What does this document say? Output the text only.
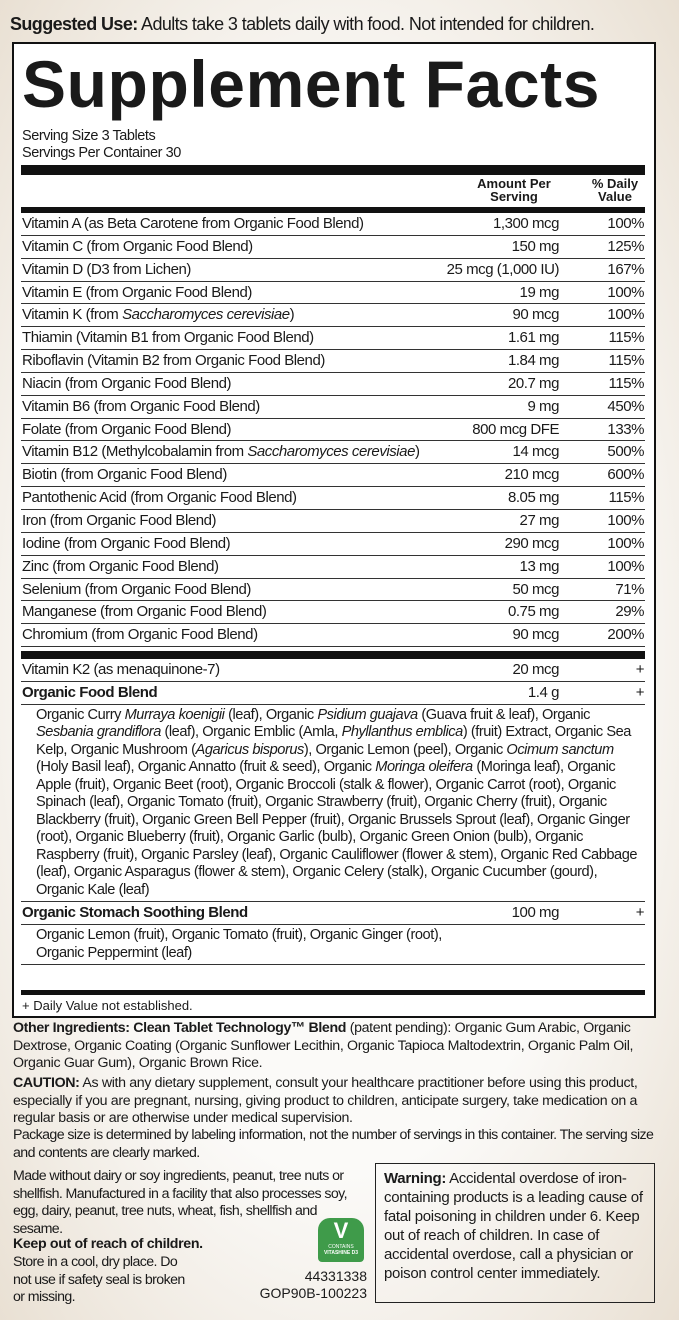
Suggested Use: Adults take 3 tablets daily with food. Not intended for children.
Supplement Facts
Serving Size 3 Tablets
Servings Per Container 30
Amount Per Serving
% Daily Value
Vitamin A (as Beta Carotene from Organic Food Blend)	1,300 mcg	100%
Vitamin C (from Organic Food Blend)	150 mg	125%
Vitamin D (D3 from Lichen)	25 mcg (1,000 IU)	167%
Vitamin E (from Organic Food Blend)	19 mg	100%
Vitamin K (from Saccharomyces cerevisiae)	90 mcg	100%
Thiamin (Vitamin B1 from Organic Food Blend)	1.61 mg	115%
Riboflavin (Vitamin B2 from Organic Food Blend)	1.84 mg	115%
Niacin (from Organic Food Blend)	20.7 mg	115%
Vitamin B6 (from Organic Food Blend)	9 mg	450%
Folate (from Organic Food Blend)	800 mcg DFE	133%
Vitamin B12 (Methylcobalamin from Saccharomyces cerevisiae)	14 mcg	500%
Biotin (from Organic Food Blend)	210 mcg	600%
Pantothenic Acid (from Organic Food Blend)	8.05 mg	115%
Iron (from Organic Food Blend)	27 mg	100%
Iodine (from Organic Food Blend)	290 mcg	100%
Zinc (from Organic Food Blend)	13 mg	100%
Selenium (from Organic Food Blend)	50 mcg	71%
Manganese (from Organic Food Blend)	0.75 mg	29%
Chromium (from Organic Food Blend)	90 mcg	200%
Vitamin K2 (as menaquinone-7)	20 mcg	+
Organic Food Blend	1.4 g	+
Organic Curry Murraya koenigii (leaf), Organic Psidium guajava (Guava fruit & leaf), Organic Sesbania grandiflora (leaf), Organic Emblic (Amla, Phyllanthus emblica) (fruit) Extract, Organic Sea Kelp, Organic Mushroom (Agaricus bisporus), Organic Lemon (peel), Organic Ocimum sanctum (Holy Basil leaf), Organic Annatto (fruit & seed), Organic Moringa oleifera (Moringa leaf), Organic Apple (fruit), Organic Beet (root), Organic Broccoli (stalk & flower), Organic Carrot (root), Organic Spinach (leaf), Organic Tomato (fruit), Organic Strawberry (fruit), Organic Cherry (fruit), Organic Blackberry (fruit), Organic Green Bell Pepper (fruit), Organic Brussels Sprout (leaf), Organic Ginger (root), Organic Blueberry (fruit), Organic Garlic (bulb), Organic Green Onion (bulb), Organic Raspberry (fruit), Organic Parsley (leaf), Organic Cauliflower (flower & stem), Organic Red Cabbage (leaf), Organic Asparagus (flower & stem), Organic Celery (stalk), Organic Cucumber (gourd), Organic Kale (leaf)
Organic Stomach Soothing Blend	100 mg	+
Organic Lemon (fruit), Organic Tomato (fruit), Organic Ginger (root), Organic Peppermint (leaf)
+ Daily Value not established.
Other Ingredients: Clean Tablet Technology™ Blend (patent pending): Organic Gum Arabic, Organic Dextrose, Organic Coating (Organic Sunflower Lecithin, Organic Tapioca Maltodextrin, Organic Palm Oil, Organic Guar Gum), Organic Brown Rice.
CAUTION: As with any dietary supplement, consult your healthcare practitioner before using this product, especially if you are pregnant, nursing, giving product to children, anticipate surgery, take medication on a regular basis or are otherwise under medical supervision.
Package size is determined by labeling information, not the number of servings in this container. The serving size and contents are clearly marked.
Made without dairy or soy ingredients, peanut, tree nuts or shellfish. Manufactured in a facility that also processes soy, egg, dairy, peanut, tree nuts, wheat, fish, shellfish and sesame.
Keep out of reach of children.
Store in a cool, dry place. Do not use if safety seal is broken or missing.
V
CONTAINS
VITASHINE D3
44331338
GOP90B-100223
Warning: Accidental overdose of iron-containing products is a leading cause of fatal poisoning in children under 6. Keep out of reach of children. In case of accidental overdose, call a physician or poison control center immediately.
